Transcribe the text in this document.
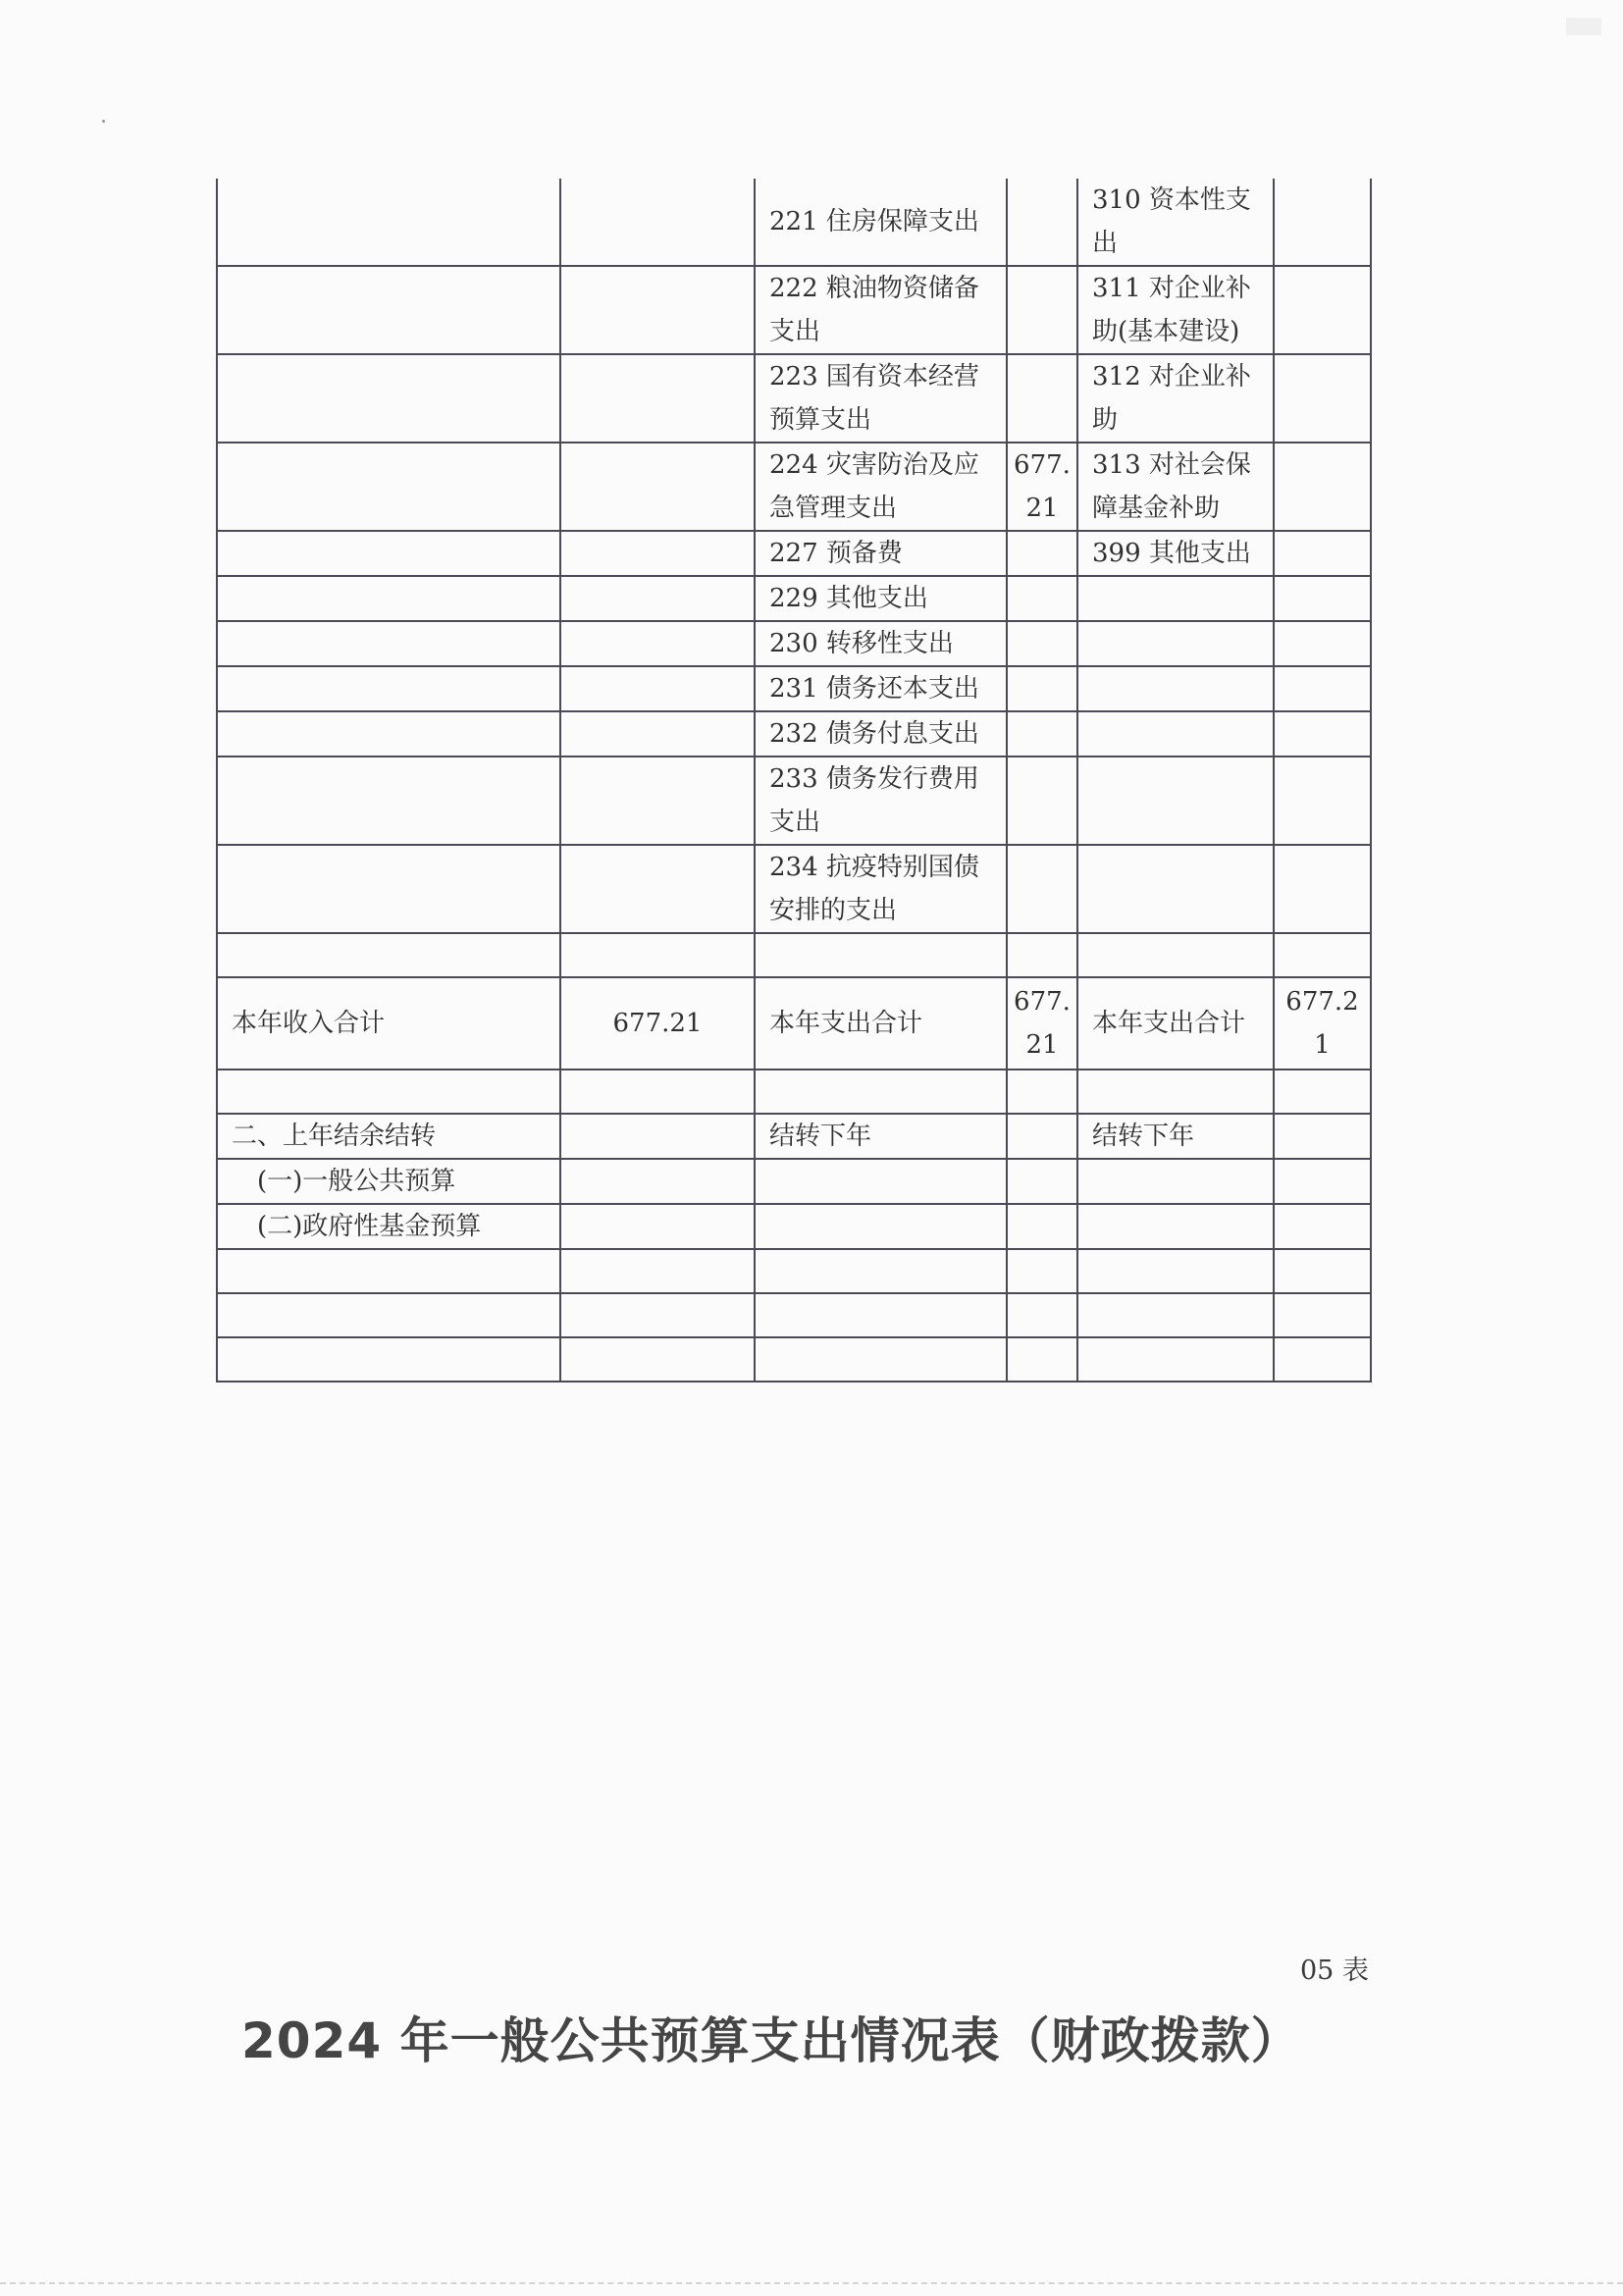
		221 住房保障支出		310 资本性支出	
		222 粮油物资储备支出		311 对企业补助(基本建设)	
		223 国有资本经营预算支出		312 对企业补助	
		224 灾害防治及应急管理支出	677.21	313 对社会保障基金补助	
		227 预备费		399 其他支出	
		229 其他支出			
		230 转移性支出			
		231 债务还本支出			
		232 债务付息支出			
		233 债务发行费用支出			
		234 抗疫特别国债安排的支出			

本年收入合计	677.21	本年支出合计	677.21	本年支出合计	677.21

二、上年结余结转		结转下年		结转下年	
(一)一般公共预算					
(二)政府性基金预算					

05 表
2024 年一般公共预算支出情况表（财政拨款）
